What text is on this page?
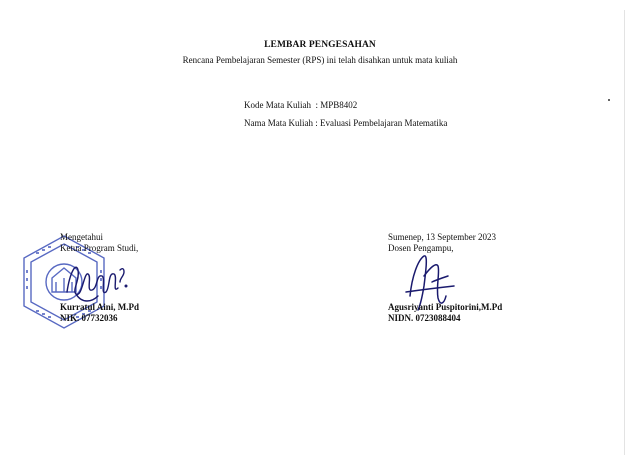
LEMBAR PENGESAHAN
Rencana Pembelajaran Semester (RPS) ini telah disahkan untuk mata kuliah
Kode Mata Kuliah  : MPB8402
Nama Mata Kuliah : Evaluasi Pembelajaran Matematika
Mengetahui
Ketua Program Studi,
Kurratul Aini, M.Pd
NIK. 07732036
Sumenep, 13 September 2023
Dosen Pengampu,
Agusriyanti Puspitorini,M.Pd
NIDN. 0723088404
